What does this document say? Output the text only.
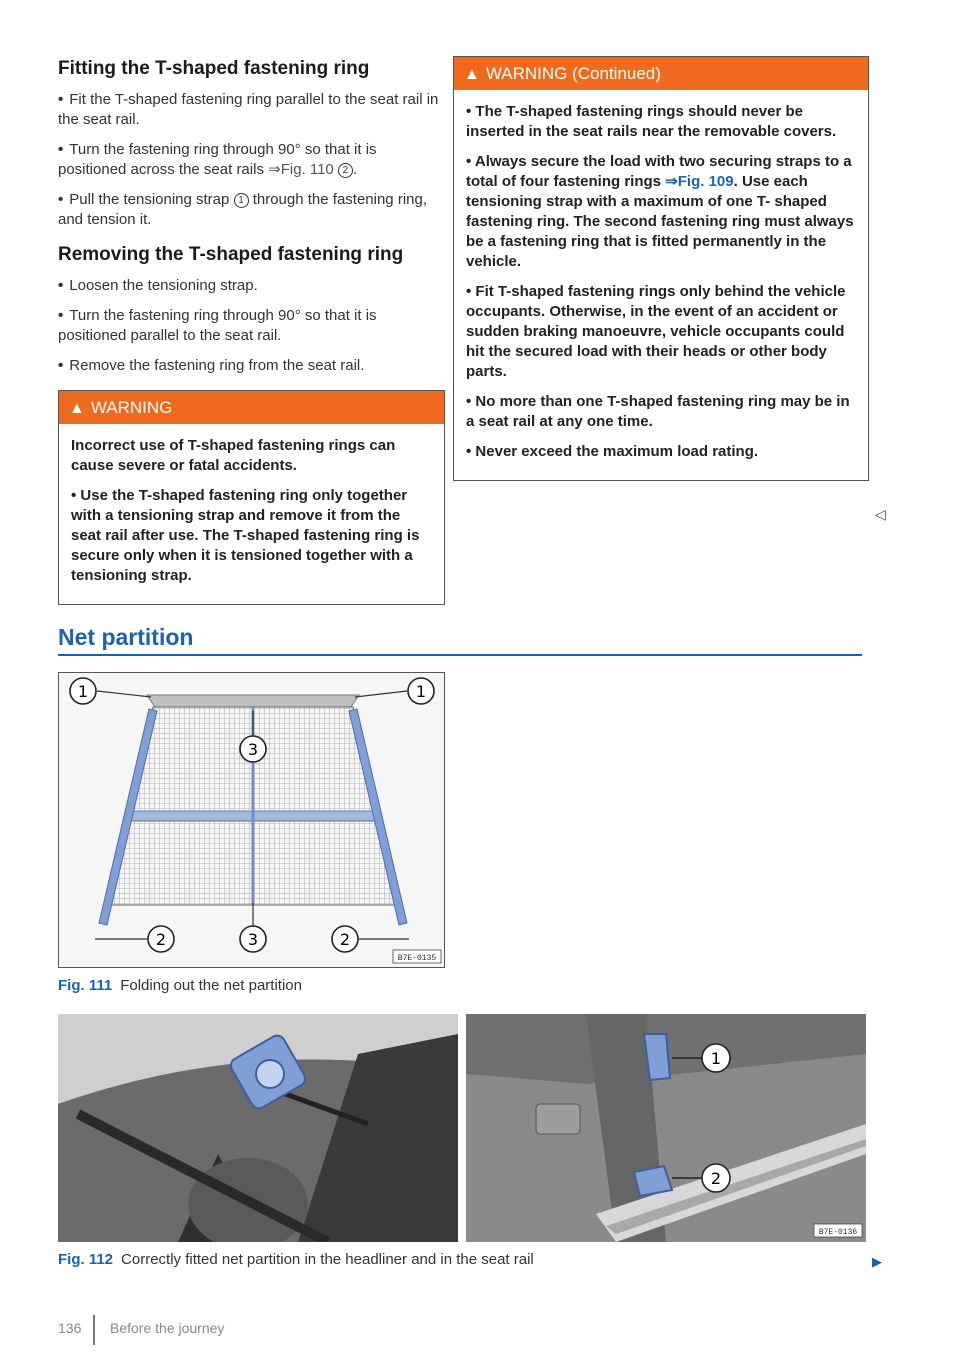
Fitting the T-shaped fastening ring
• Fit the T-shaped fastening ring parallel to the seat rail in the seat rail.
• Turn the fastening ring through 90° so that it is positioned across the seat rails ⇒Fig. 110 2 .
• Pull the tensioning strap 1 through the fastening ring, and tension it.
Removing the T-shaped fastening ring
• Loosen the tensioning strap.
• Turn the fastening ring through 90° so that it is positioned parallel to the seat rail.
• Remove the fastening ring from the seat rail.
▲ WARNING

Incorrect use of T-shaped fastening rings can cause severe or fatal accidents.

• Use the T-shaped fastening ring only together with a tensioning strap and remove it from the seat rail after use. The T-shaped fastening ring is secure only when it is tensioned together with a tensioning strap.

▲ WARNING (Continued)

• The T-shaped fastening rings should never be inserted in the seat rails near the removable covers.

• Always secure the load with two securing straps to a total of four fastening rings ⇒Fig. 109. Use each tensioning strap with a maximum of one T- shaped fastening ring. The second fastening ring must always be a fastening ring that is fitted permanently in the vehicle.

• Fit T-shaped fastening rings only behind the vehicle occupants. Otherwise, in the event of an accident or sudden braking manoeuvre, vehicle occupants could hit the secured load with their heads or other body parts.

• No more than one T-shaped fastening ring may be in a seat rail at any one time.

• Never exceed the maximum load rating.

◁
Net partition
1	1
3
2	3	2
B7E-0135
Fig. 111 Folding out the net partition
1
2
B7E-0136
Fig. 112 Correctly fitted net partition in the headliner and in the seat rail	▶
136 Before the journey
